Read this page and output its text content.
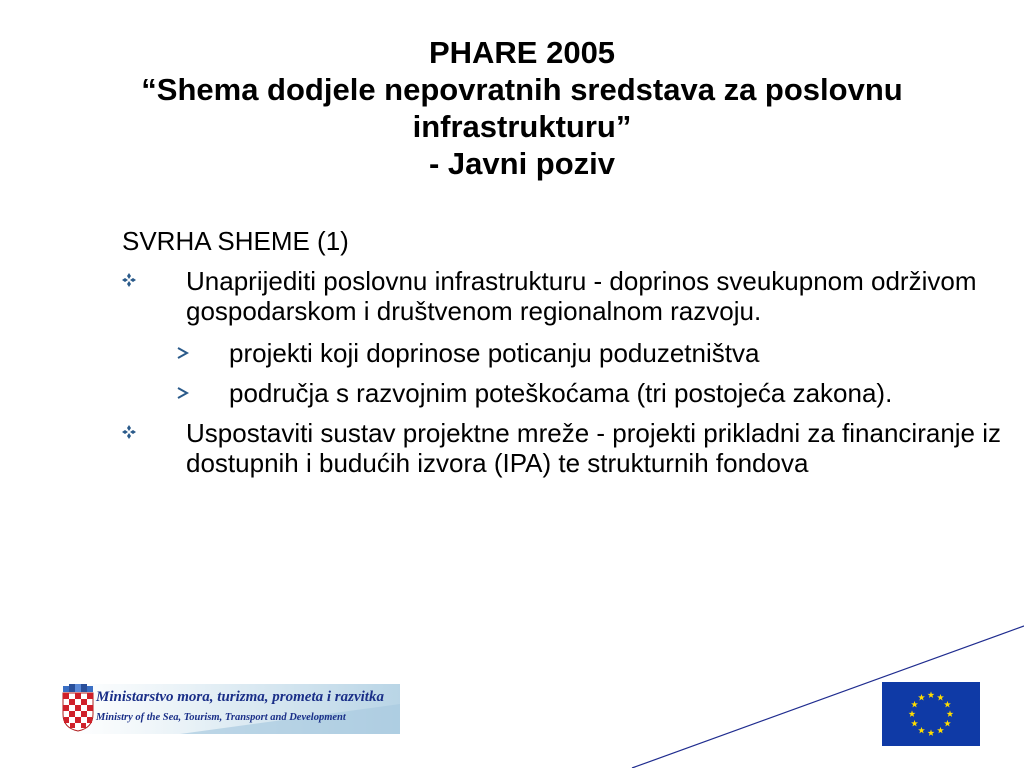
PHARE 2005
“Shema dodjele nepovratnih sredstava za poslovnu
infrastrukturu”
- Javni poziv
SVRHA SHEME (1)
Unaprijediti poslovnu infrastrukturu - doprinos sveukupnom održivom gospodarskom i društvenom regionalnom razvoju.
projekti koji doprinose poticanju poduzetništva
područja s razvojnim poteškoćama (tri postojeća zakona).
Uspostaviti sustav projektne mreže - projekti prikladni za financiranje iz dostupnih i budućih izvora (IPA) te strukturnih fondova
Ministarstvo mora, turizma, prometa i razvitka
Ministry of the Sea, Tourism, Transport and Development
